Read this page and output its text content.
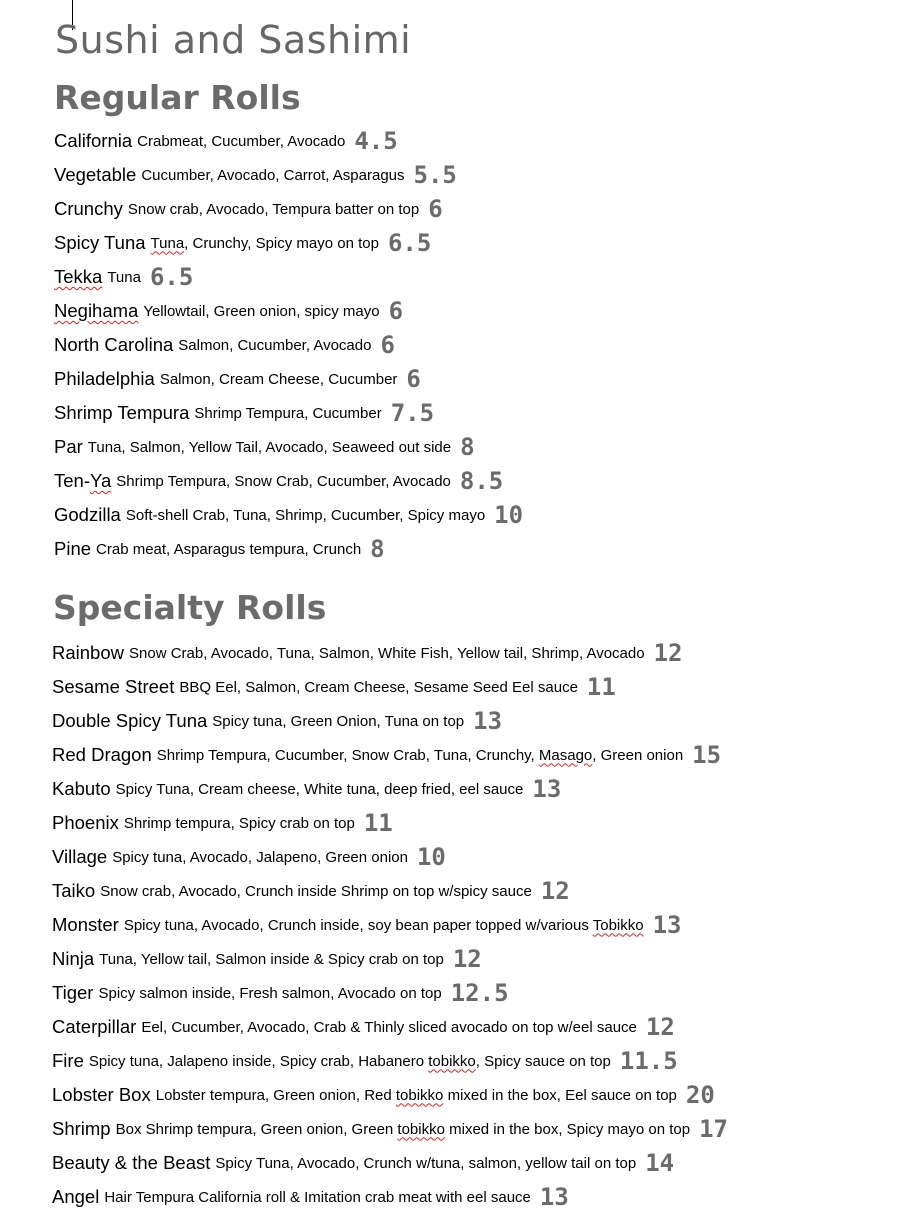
Sushi and Sashimi
Regular Rolls
California Crabmeat, Cucumber, Avocado 4.5
Vegetable Cucumber, Avocado, Carrot, Asparagus 5.5
Crunchy Snow crab, Avocado, Tempura batter on top 6
Spicy Tuna Tuna, Crunchy, Spicy mayo on top 6.5
Tekka Tuna 6.5
Negihama Yellowtail, Green onion, spicy mayo 6
North Carolina Salmon, Cucumber, Avocado 6
Philadelphia Salmon, Cream Cheese, Cucumber 6
Shrimp Tempura Shrimp Tempura, Cucumber 7.5
Par Tuna, Salmon, Yellow Tail, Avocado, Seaweed out side 8
Ten-Ya Shrimp Tempura, Snow Crab, Cucumber, Avocado 8.5
Godzilla Soft-shell Crab, Tuna, Shrimp, Cucumber, Spicy mayo 10
Pine Crab meat, Asparagus tempura, Crunch 8
Specialty Rolls
Rainbow Snow Crab, Avocado, Tuna, Salmon, White Fish, Yellow tail, Shrimp, Avocado 12
Sesame Street BBQ Eel, Salmon, Cream Cheese, Sesame Seed Eel sauce 11
Double Spicy Tuna Spicy tuna, Green Onion, Tuna on top 13
Red Dragon Shrimp Tempura, Cucumber, Snow Crab, Tuna, Crunchy, Masago, Green onion 15
Kabuto Spicy Tuna, Cream cheese, White tuna, deep fried, eel sauce 13
Phoenix Shrimp tempura, Spicy crab on top 11
Village Spicy tuna, Avocado, Jalapeno, Green onion 10
Taiko Snow crab, Avocado, Crunch inside Shrimp on top w/spicy sauce 12
Monster Spicy tuna, Avocado, Crunch inside, soy bean paper topped w/various Tobikko 13
Ninja Tuna, Yellow tail, Salmon inside & Spicy crab on top 12
Tiger Spicy salmon inside, Fresh salmon, Avocado on top 12.5
Caterpillar Eel, Cucumber, Avocado, Crab & Thinly sliced avocado on top w/eel sauce 12
Fire Spicy tuna, Jalapeno inside, Spicy crab, Habanero tobikko, Spicy sauce on top 11.5
Lobster Box Lobster tempura, Green onion, Red tobikko mixed in the box, Eel sauce on top 20
Shrimp Box Shrimp tempura, Green onion, Green tobikko mixed in the box, Spicy mayo on top 17
Beauty & the Beast Spicy Tuna, Avocado, Crunch w/tuna, salmon, yellow tail on top 14
Angel Hair Tempura California roll & Imitation crab meat with eel sauce 13
